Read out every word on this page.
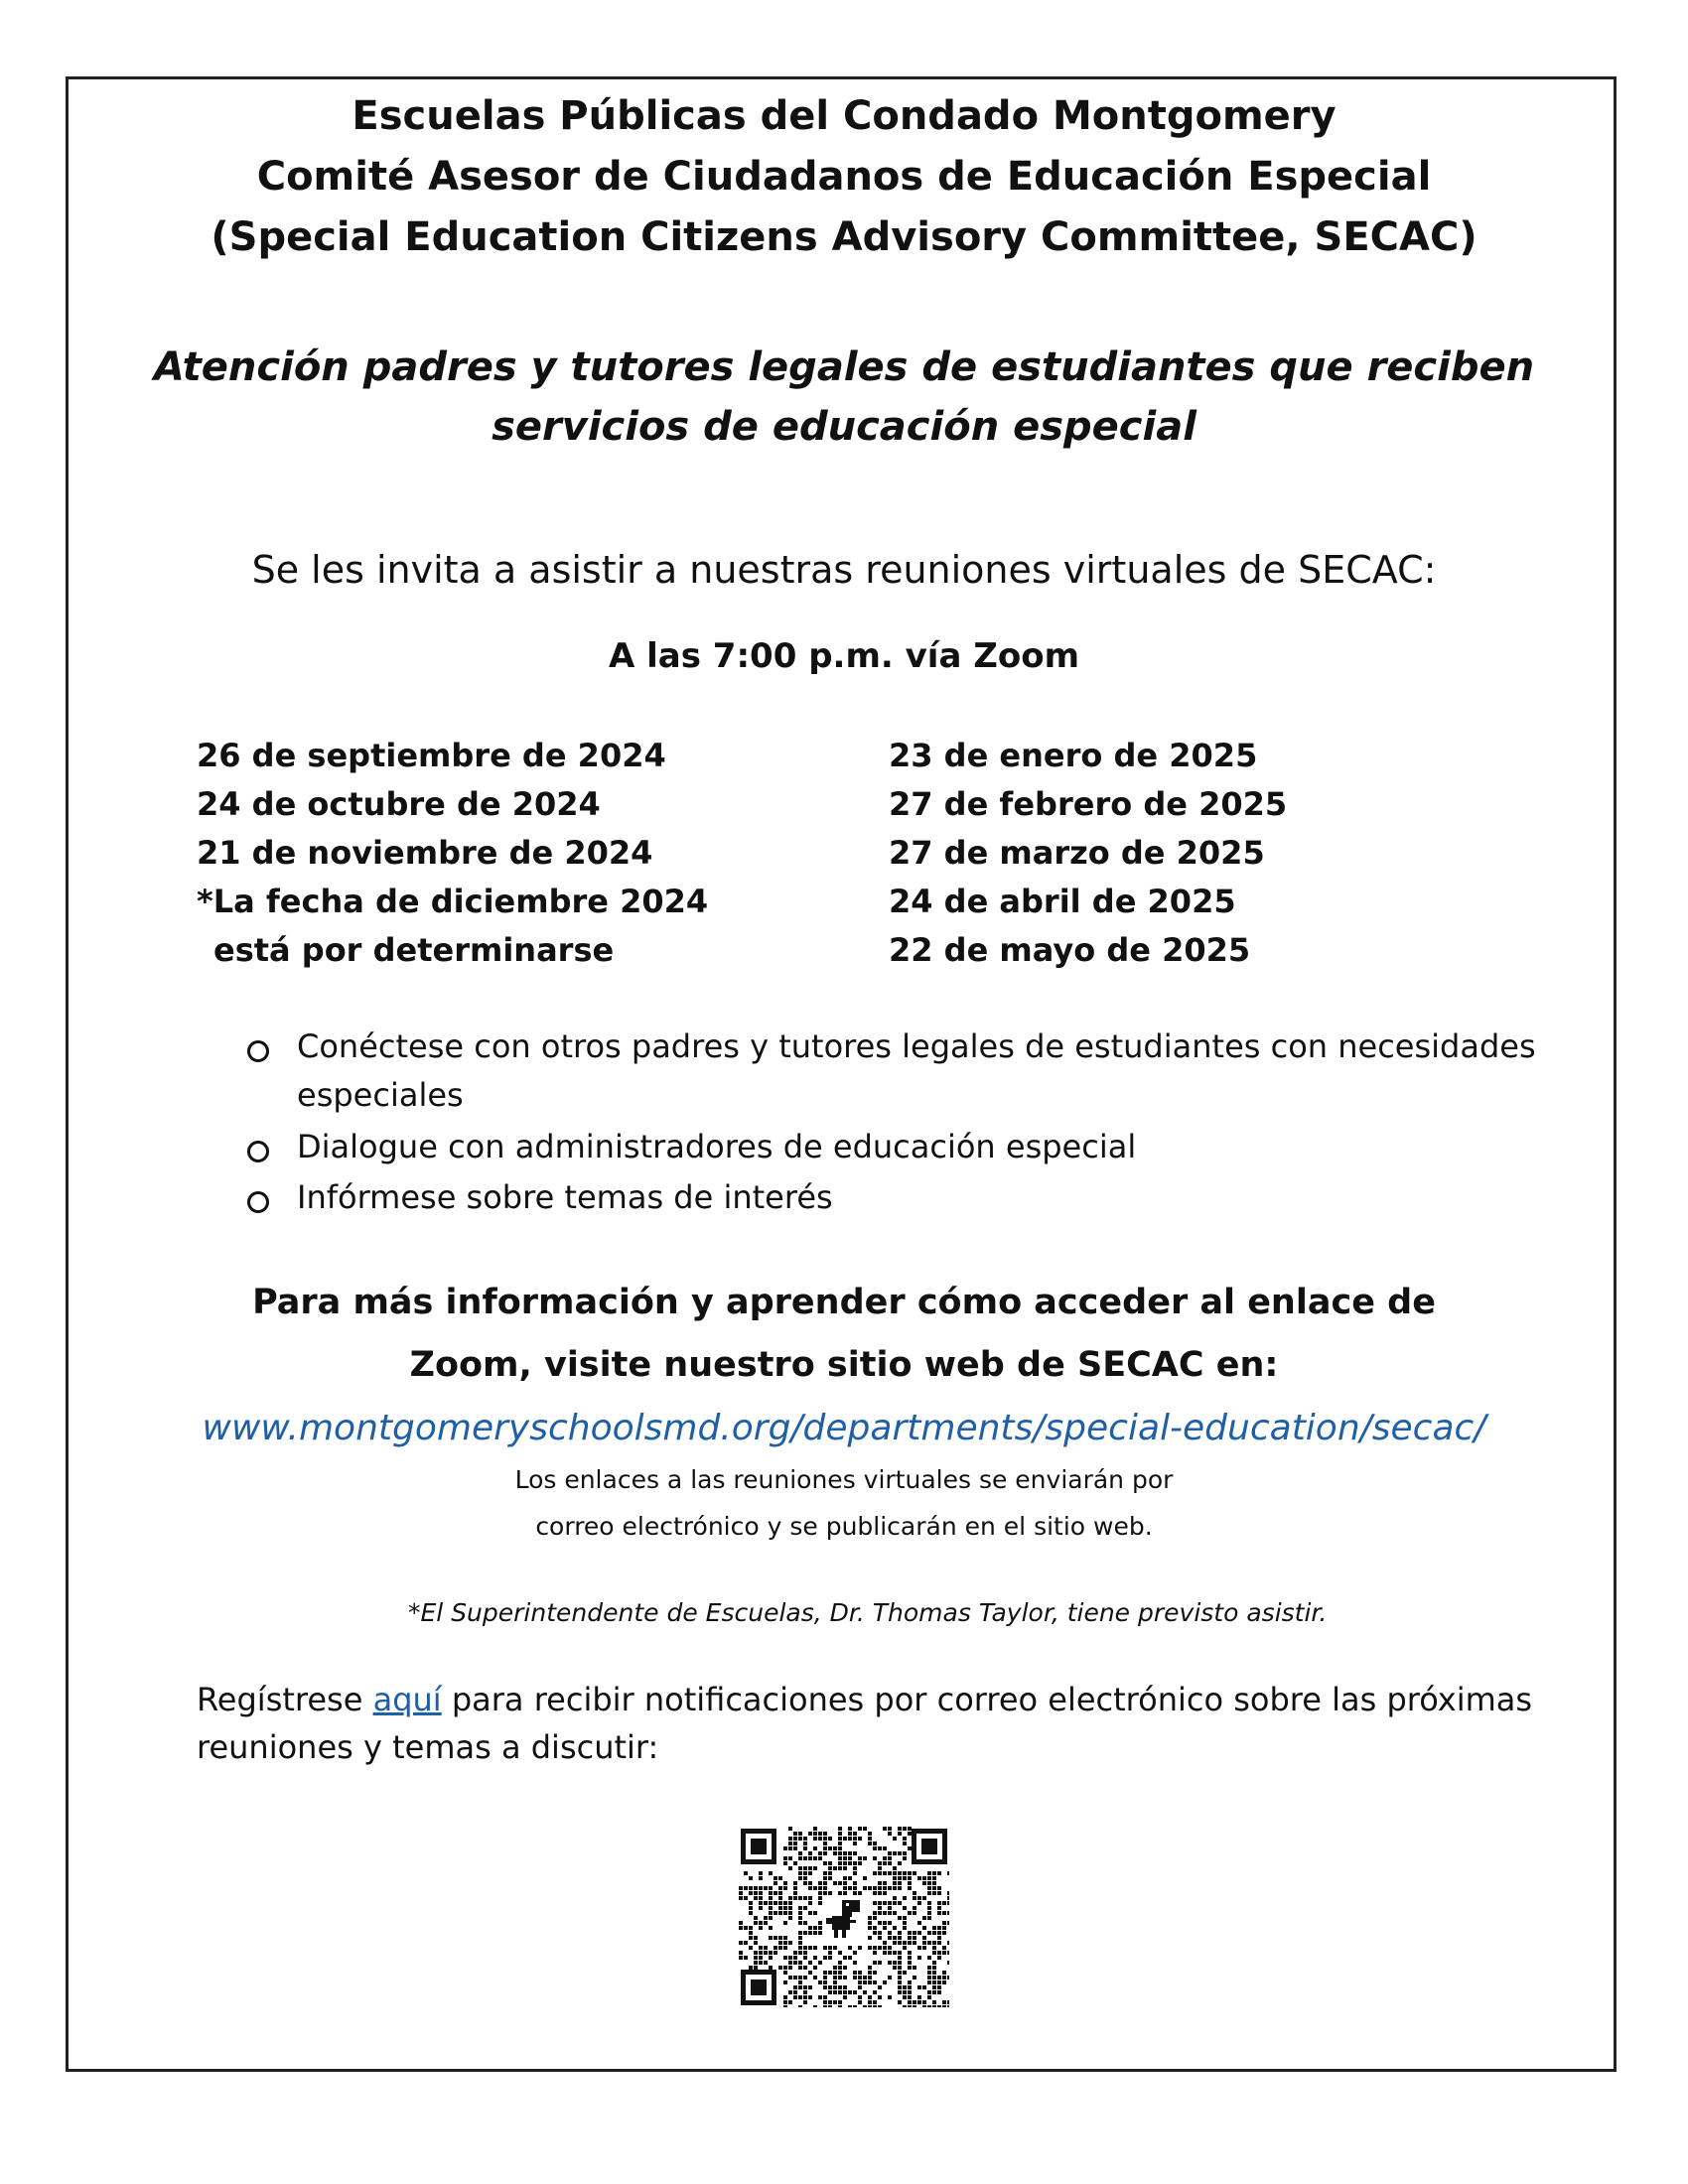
Escuelas Públicas del Condado Montgomery
Comité Asesor de Ciudadanos de Educación Especial
(Special Education Citizens Advisory Committee, SECAC)
Atención padres y tutores legales de estudiantes que reciben
servicios de educación especial
Se les invita a asistir a nuestras reuniones virtuales de SECAC:
A las 7:00 p.m. vía Zoom
26 de septiembre de 2024
24 de octubre de 2024
21 de noviembre de 2024
*La fecha de diciembre 2024
está por determinarse
23 de enero de 2025
27 de febrero de 2025
27 de marzo de 2025
24 de abril de 2025
22 de mayo de 2025
Conéctese con otros padres y tutores legales de estudiantes con necesidades
especiales
Dialogue con administradores de educación especial
Infórmese sobre temas de interés
Para más información y aprender cómo acceder al enlace de
Zoom, visite nuestro sitio web de SECAC en:
www.montgomeryschoolsmd.org/departments/special-education/secac/
Los enlaces a las reuniones virtuales se enviarán por
correo electrónico y se publicarán en el sitio web.
*El Superintendente de Escuelas, Dr. Thomas Taylor, tiene previsto asistir.
Regístrese aquí para recibir notificaciones por correo electrónico sobre las próximas
reuniones y temas a discutir:
